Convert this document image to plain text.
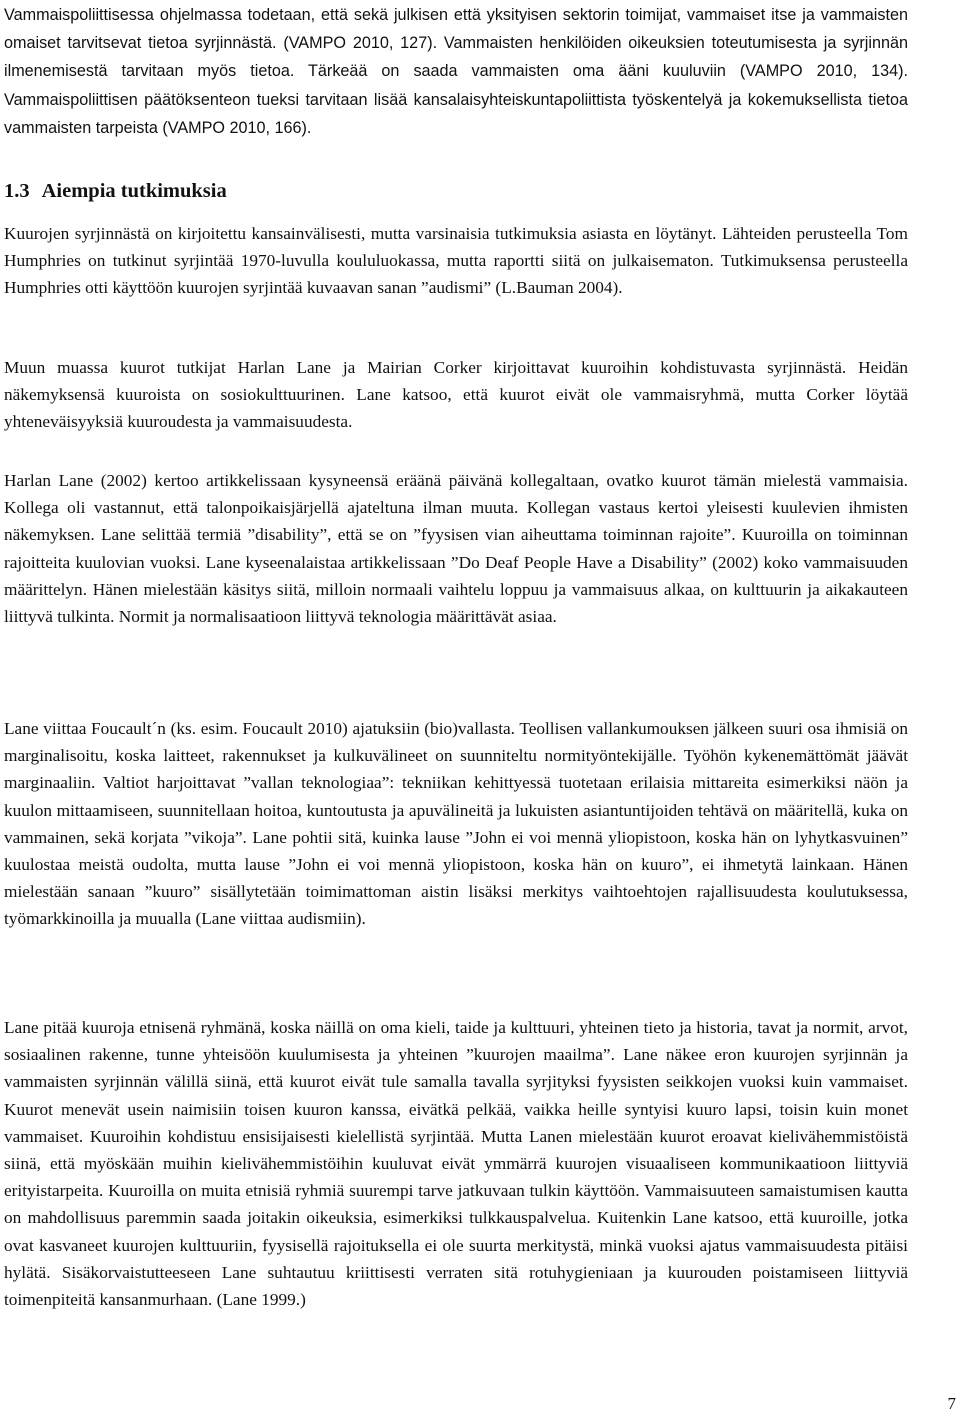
Vammaispoliittisessa ohjelmassa todetaan, että sekä julkisen että yksityisen sektorin toimijat, vammaiset itse ja vammaisten omaiset tarvitsevat tietoa syrjinnästä. (VAMPO 2010, 127). Vammaisten henkilöiden oikeuksien toteutumisesta ja syrjinnän ilmenemisestä tarvitaan myös tietoa. Tärkeää on saada vammaisten oma ääni kuuluviin (VAMPO 2010, 134). Vammaispoliittisen päätöksenteon tueksi tarvitaan lisää kansalaisyhteiskuntapoliittista työskentelyä ja kokemuksellista tietoa vammaisten tarpeista (VAMPO 2010, 166).

1.3 Aiempia tutkimuksia

Kuurojen syrjinnästä on kirjoitettu kansainvälisesti, mutta varsinaisia tutkimuksia asiasta en löytänyt. Lähteiden perusteella Tom Humphries on tutkinut syrjintää 1970-luvulla koululuokassa, mutta raportti siitä on julkaisematon. Tutkimuksensa perusteella Humphries otti käyttöön kuurojen syrjintää kuvaavan sanan ”audismi” (L.Bauman 2004).

Muun muassa kuurot tutkijat Harlan Lane ja Mairian Corker kirjoittavat kuuroihin kohdistuvasta syrjinnästä. Heidän näkemyksensä kuuroista on sosiokulttuurinen. Lane katsoo, että kuurot eivät ole vammaisryhmä, mutta Corker löytää yhteneväisyyksiä kuuroudesta ja vammaisuudesta.

Harlan Lane (2002) kertoo artikkelissaan kysyneensä eräänä päivänä kollegaltaan, ovatko kuurot tämän mielestä vammaisia. Kollega oli vastannut, että talonpoikaisjärjellä ajateltuna ilman muuta. Kollegan vastaus kertoi yleisesti kuulevien ihmisten näkemyksen. Lane selittää termiä ”disability”, että se on ”fyysisen vian aiheuttama toiminnan rajoite”. Kuuroilla on toiminnan rajoitteita kuulovian vuoksi. Lane kyseenalaistaa artikkelissaan ”Do Deaf People Have a Disability” (2002) koko vammaisuuden määrittelyn. Hänen mielestään käsitys siitä, milloin normaali vaihtelu loppuu ja vammaisuus alkaa, on kulttuurin ja aikakauteen liittyvä tulkinta. Normit ja normalisaatioon liittyvä teknologia määrittävät asiaa.

Lane viittaa Foucault´n (ks. esim. Foucault 2010) ajatuksiin (bio)vallasta. Teollisen vallankumouksen jälkeen suuri osa ihmisiä on marginalisoitu, koska laitteet, rakennukset ja kulkuvälineet on suunniteltu normityöntekijälle. Työhön kykenemättömät jäävät marginaaliin. Valtiot harjoittavat ”vallan teknologiaa”: tekniikan kehittyessä tuotetaan erilaisia mittareita esimerkiksi näön ja kuulon mittaamiseen, suunnitellaan hoitoa, kuntoutusta ja apuvälineitä ja lukuisten asiantuntijoiden tehtävä on määritellä, kuka on vammainen, sekä korjata ”vikoja”. Lane pohtii sitä, kuinka lause ”John ei voi mennä yliopistoon, koska hän on lyhytkasvuinen” kuulostaa meistä oudolta, mutta lause ”John ei voi mennä yliopistoon, koska hän on kuuro”, ei ihmetytä lainkaan. Hänen mielestään sanaan ”kuuro” sisällytetään toimimattoman aistin lisäksi merkitys vaihtoehtojen rajallisuudesta koulutuksessa, työmarkkinoilla ja muualla (Lane viittaa audismiin).

Lane pitää kuuroja etnisenä ryhmänä, koska näillä on oma kieli, taide ja kulttuuri, yhteinen tieto ja historia, tavat ja normit, arvot, sosiaalinen rakenne, tunne yhteisöön kuulumisesta ja yhteinen ”kuurojen maailma”. Lane näkee eron kuurojen syrjinnän ja vammaisten syrjinnän välillä siinä, että kuurot eivät tule samalla tavalla syrjityksi fyysisten seikkojen vuoksi kuin vammaiset. Kuurot menevät usein naimisiin toisen kuuron kanssa, eivätkä pelkää, vaikka heille syntyisi kuuro lapsi, toisin kuin monet vammaiset. Kuuroihin kohdistuu ensisijaisesti kielellistä syrjintää. Mutta Lanen mielestään kuurot eroavat kielivähemmistöistä siinä, että myöskään muihin kielivähemmistöihin kuuluvat eivät ymmärrä kuurojen visuaaliseen kommunikaatioon liittyviä erityistarpeita. Kuuroilla on muita etnisiä ryhmiä suurempi tarve jatkuvaan tulkin käyttöön. Vammaisuuteen samaistumisen kautta on mahdollisuus paremmin saada joitakin oikeuksia, esimerkiksi tulkkauspalvelua. Kuitenkin Lane katsoo, että kuuroille, jotka ovat kasvaneet kuurojen kulttuuriin, fyysisellä rajoituksella ei ole suurta merkitystä, minkä vuoksi ajatus vammaisuudesta pitäisi hylätä. Sisäkorvaistutteeseen Lane suhtautuu kriittisesti verraten sitä rotuhygieniaan ja kuurouden poistamiseen liittyviä toimenpiteitä kansanmurhaan. (Lane 1999.)

7
